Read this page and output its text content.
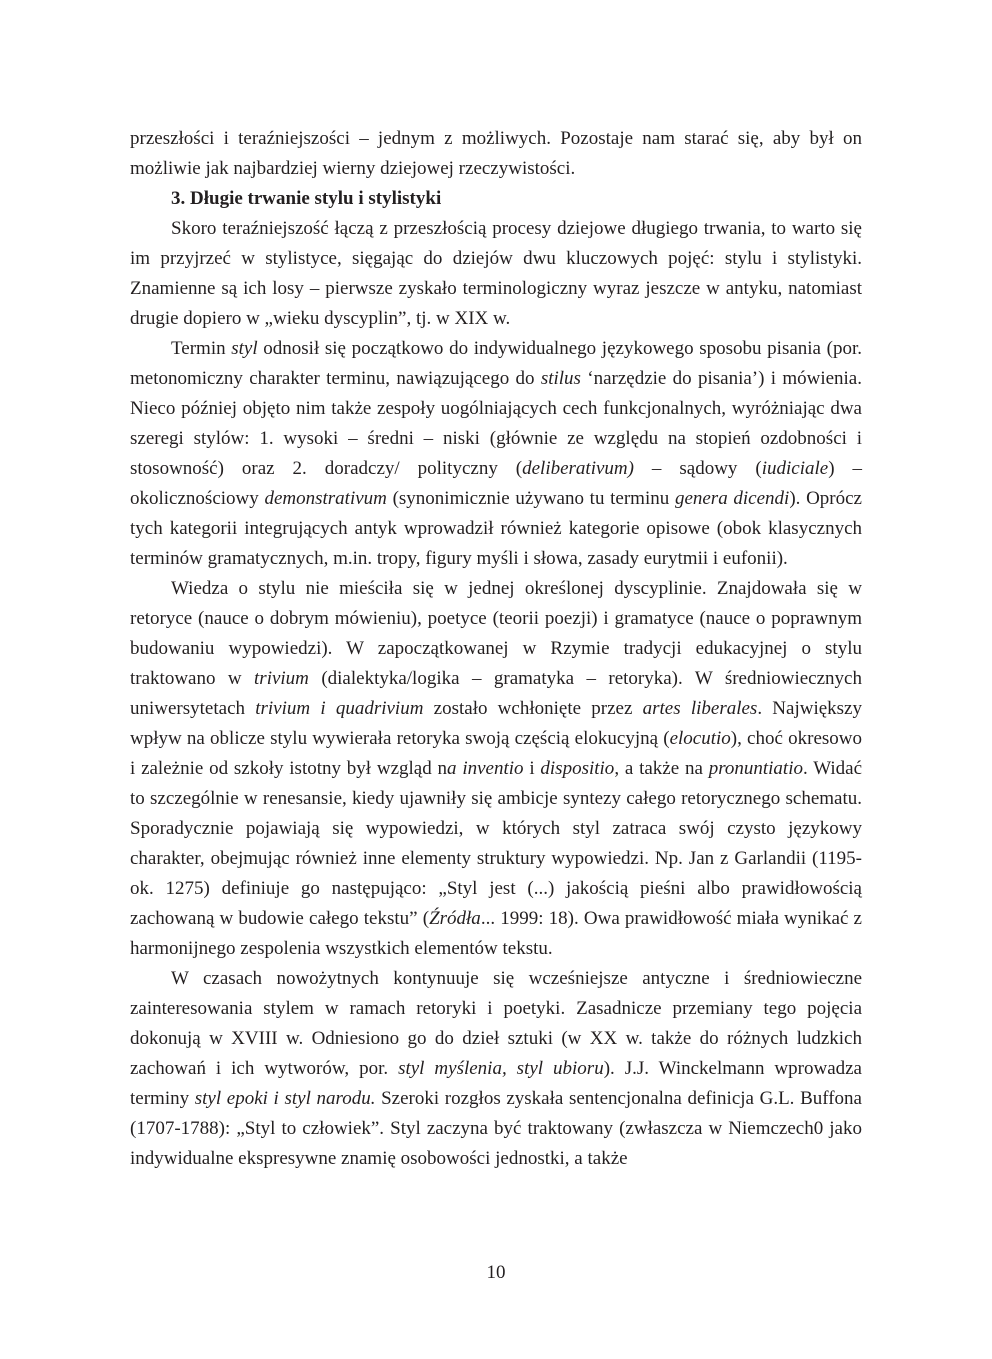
przeszłości i teraźniejszości – jednym z możliwych. Pozostaje nam starać się, aby był on możliwie jak najbardziej wierny dziejowej rzeczywistości.

3. Długie trwanie stylu i stylistyki

Skoro teraźniejszość łączą z przeszłością procesy dziejowe długiego trwania, to warto się im przyjrzeć w stylistyce, sięgając do dziejów dwu kluczowych pojęć: stylu i stylistyki. Znamienne są ich losy – pierwsze zyskało terminologiczny wyraz jeszcze w antyku, natomiast drugie dopiero w „wieku dyscyplin”, tj. w XIX w.

Termin styl odnosił się początkowo do indywidualnego językowego sposobu pisania (por. metonomiczny charakter terminu, nawiązującego do stilus ‘narzędzie do pisania’) i mówienia. Nieco później objęto nim także zespoły uogólniających cech funkcjonalnych, wyróżniając dwa szeregi stylów: 1. wysoki – średni – niski (głównie ze względu na stopień ozdobności i stosowność) oraz 2. doradczy/ polityczny (deliberativum) – sądowy (iudiciale) – okolicznościowy demonstrativum (synonimicznie używano tu terminu genera dicendi). Oprócz tych kategorii integrujących antyk wprowadził również kategorie opisowe (obok klasycznych terminów gramatycznych, m.in. tropy, figury myśli i słowa, zasady eurytmii i eufonii).

Wiedza o stylu nie mieściła się w jednej określonej dyscyplinie. Znajdowała się w retoryce (nauce o dobrym mówieniu), poetyce (teorii poezji) i gramatyce (nauce o poprawnym budowaniu wypowiedzi). W zapoczątkowanej w Rzymie tradycji edukacyjnej o stylu traktowano w trivium (dialektyka/logika – gramatyka – retoryka). W średniowiecznych uniwersytetach trivium i quadrivium zostało wchłonięte przez artes liberales. Największy wpływ na oblicze stylu wywierała retoryka swoją częścią elokucyjną (elocutio), choć okresowo i zależnie od szkoły istotny był wzgląd na inventio i dispositio, a także na pronuntiatio. Widać to szczególnie w renesansie, kiedy ujawniły się ambicje syntezy całego retorycznego schematu. Sporadycznie pojawiają się wypowiedzi, w których styl zatraca swój czysto językowy charakter, obejmując również inne elementy struktury wypowiedzi. Np. Jan z Garlandii (1195- ok. 1275) definiuje go następująco: „Styl jest (...) jakością pieśni albo prawidłowością zachowaną w budowie całego tekstu” (Źródła... 1999: 18). Owa prawidłowość miała wynikać z harmonijnego zespolenia wszystkich elementów tekstu.

W czasach nowożytnych kontynuuje się wcześniejsze antyczne i średniowieczne zainteresowania stylem w ramach retoryki i poetyki. Zasadnicze przemiany tego pojęcia dokonują w XVIII w. Odniesiono go do dzieł sztuki (w XX w. także do różnych ludzkich zachowań i ich wytworów, por. styl myślenia, styl ubioru). J.J. Winckelmann wprowadza terminy styl epoki i styl narodu. Szeroki rozgłos zyskała sentencjonalna definicja G.L. Buffona (1707-1788): „Styl to człowiek”. Styl zaczyna być traktowany (zwłaszcza w Niemczech0 jako indywidualne ekspresywne znamię osobowości jednostki, a także

10
